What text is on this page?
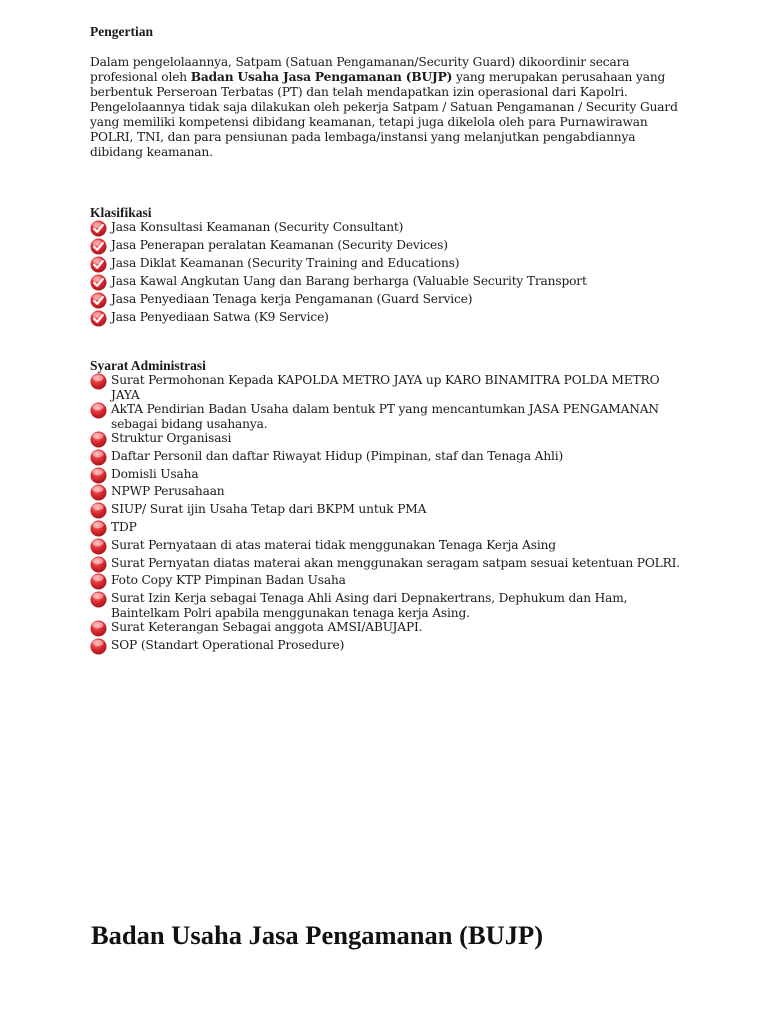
Pengertian

Dalam pengelolaannya, Satpam (Satuan Pengamanan/Security Guard) dikoordinir secara profesional oleh Badan Usaha Jasa Pengamanan (BUJP) yang merupakan perusahaan yang berbentuk Perseroan Terbatas (PT) dan telah mendapatkan izin operasional dari Kapolri. Pengelolaannya tidak saja dilakukan oleh pekerja Satpam / Satuan Pengamanan / Security Guard yang memiliki kompetensi dibidang keamanan, tetapi juga dikelola oleh para Purnawirawan POLRI, TNI, dan para pensiunan pada lembaga/instansi yang melanjutkan pengabdiannya dibidang keamanan.

Klasifikasi

Jasa Konsultasi Keamanan (Security Consultant)
Jasa Penerapan peralatan Keamanan (Security Devices)
Jasa Diklat Keamanan (Security Training and Educations)
Jasa Kawal Angkutan Uang dan Barang berharga (Valuable Security Transport
Jasa Penyediaan Tenaga kerja Pengamanan (Guard Service)
Jasa Penyediaan Satwa (K9 Service)

Syarat Administrasi

Surat Permohonan Kepada KAPOLDA METRO JAYA up KARO BINAMITRA POLDA METRO JAYA
AkTA Pendirian Badan Usaha dalam bentuk PT yang mencantumkan JASA PENGAMANAN sebagai bidang usahanya.
Struktur Organisasi
Daftar Personil dan daftar Riwayat Hidup (Pimpinan, staf dan Tenaga Ahli)
Domisli Usaha
NPWP Perusahaan
SIUP/ Surat ijin Usaha Tetap dari BKPM untuk PMA
TDP
Surat Pernyataan di atas materai tidak menggunakan Tenaga Kerja Asing
Surat Pernyatan diatas materai akan menggunakan seragam satpam sesuai ketentuan POLRI.
Foto Copy KTP Pimpinan Badan Usaha
Surat Izin Kerja sebagai Tenaga Ahli Asing dari Depnakertrans, Dephukum dan Ham, Baintelkam Polri apabila menggunakan tenaga kerja Asing.
Surat Keterangan Sebagai anggota AMSI/ABUJAPI.
SOP (Standart Operational Prosedure)
Badan Usaha Jasa Pengamanan (BUJP)
